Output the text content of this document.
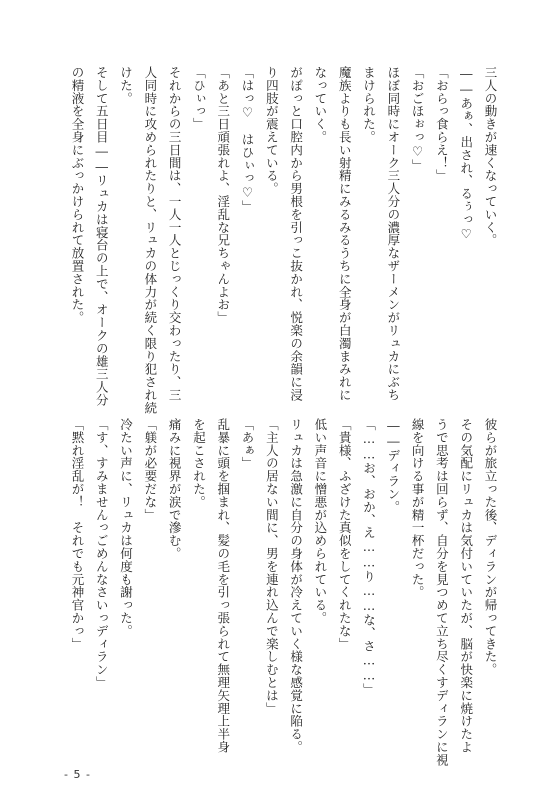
三人の動きが速くなっていく。

――あぁ、出され、るぅっ♡

「おらっ食らえ！」

「おごほぉっ♡」

ほぼ同時にオーク三人分の濃厚なザーメンがリュカにぶち

まけられた。

魔族よりも長い射精にみるみるうちに全身が白濁まみれに

なっていく。

がぽっと口腔内から男根を引っこ抜かれ、悦楽の余韻に浸

り四肢が震えている。

「はっ♡　はひぃっ♡」

「あと三日頑張れよ、淫乱な兄ちゃんよお」

「ひぃっ」

それからの三日間は、一人一人とじっくり交わったり、三

人同時に攻められたりと、リュカの体力が続く限り犯され続

けた。

そして五日目――リュカは寝台の上で、オークの雄三人分

の精液を全身にぶっかけられて放置された。

彼らが旅立った後、ディランが帰ってきた。

その気配にリュカは気付いていたが、脳が快楽に焼けたよ

うで思考は回らず、自分を見つめて立ち尽くすディランに視

線を向ける事が精一杯だった。

――ディラン。

「……お、おか、え……り……な、さ……」

「貴様、ふざけた真似をしてくれたな」

低い声音に憎悪が込められている。

リュカは急激に自分の身体が冷えていく様な感覚に陥る。

「主人の居ない間に、男を連れ込んで楽しむとは」

「あぁ」

乱暴に頭を掴まれ、髪の毛を引っ張られて無理矢理上半身

を起こされた。

痛みに視界が涙で滲む。

「躾が必要だな」

冷たい声に、リュカは何度も謝った。

「す、すみませんっごめんなさいっディラン」

「黙れ淫乱が！　それでも元神官かっ」

- 5 -
